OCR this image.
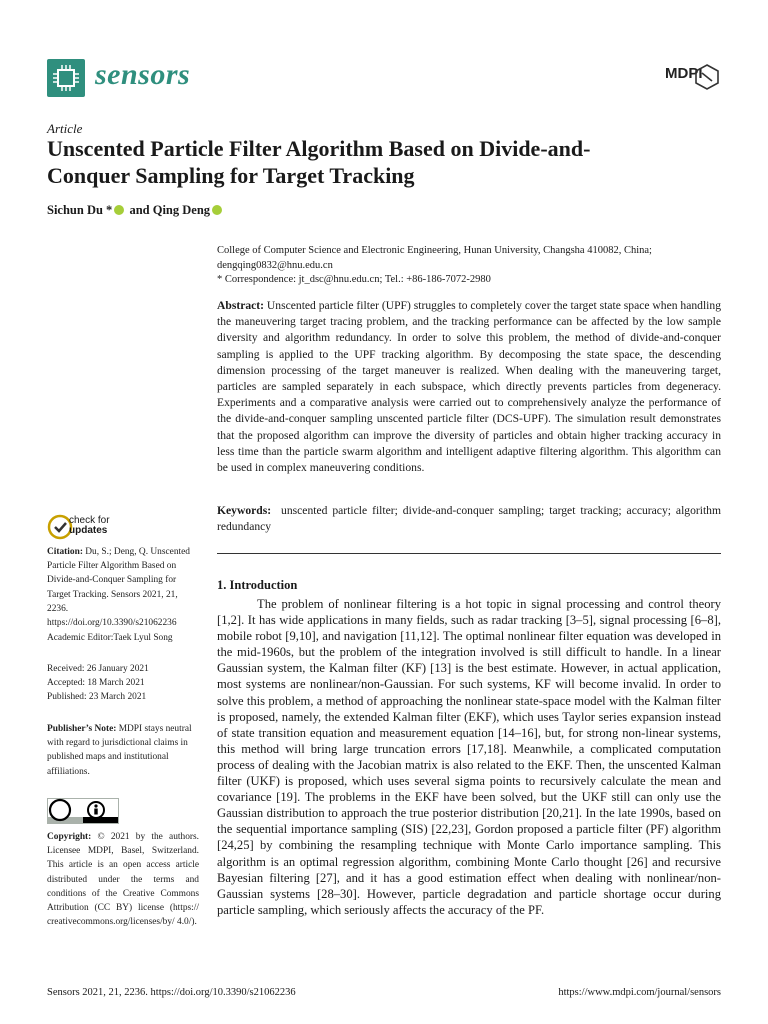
sensors	MDPI
Article
Unscented Particle Filter Algorithm Based on Divide-and-Conquer Sampling for Target Tracking
Sichun Du * and Qing Deng
College of Computer Science and Electronic Engineering, Hunan University, Changsha 410082, China;
dengqing0832@hnu.edu.cn
* Correspondence: jt_dsc@hnu.edu.cn; Tel.: +86-186-7072-2980
Abstract: Unscented particle filter (UPF) struggles to completely cover the target state space when handling the maneuvering target tracing problem, and the tracking performance can be affected by the low sample diversity and algorithm redundancy. In order to solve this problem, the method of divide-and-conquer sampling is applied to the UPF tracking algorithm. By decomposing the state space, the descending dimension processing of the target maneuver is realized. When dealing with the maneuvering target, particles are sampled separately in each subspace, which directly prevents particles from degeneracy. Experiments and a comparative analysis were carried out to comprehensively analyze the performance of the divide-and-conquer sampling unscented particle filter (DCS-UPF). The simulation result demonstrates that the proposed algorithm can improve the diversity of particles and obtain higher tracking accuracy in less time than the particle swarm algorithm and intelligent adaptive filtering algorithm. This algorithm can be used in complex maneuvering conditions.
Keywords: unscented particle filter; divide-and-conquer sampling; target tracking; accuracy; algorithm redundancy
check for
updates
Citation: Du, S.; Deng, Q. Unscented Particle Filter Algorithm Based on Divide-and-Conquer Sampling for Target Tracking. Sensors 2021, 21, 2236. https://doi.org/10.3390/s21062236
Academic Editor:Taek Lyul Song
Received: 26 January 2021
Accepted: 18 March 2021
Published: 23 March 2021
Publisher’s Note: MDPI stays neutral with regard to jurisdictional claims in published maps and institutional affiliations.
Copyright: © 2021 by the authors. Licensee MDPI, Basel, Switzerland. This article is an open access article distributed under the terms and conditions of the Creative Commons Attribution (CC BY) license (https:// creativecommons.org/licenses/by/ 4.0/).
1. Introduction
The problem of nonlinear filtering is a hot topic in signal processing and control theory [1,2]. It has wide applications in many fields, such as radar tracking [3–5], signal processing [6–8], mobile robot [9,10], and navigation [11,12]. The optimal nonlinear filter equation was developed in the mid-1960s, but the problem of the integration involved is still difficult to handle. In a linear Gaussian system, the Kalman filter (KF) [13] is the best estimate. However, in actual application, most systems are nonlinear/non-Gaussian. For such systems, KF will become invalid. In order to solve this problem, a method of approaching the nonlinear state-space model with the Kalman filter is proposed, namely, the extended Kalman filter (EKF), which uses Taylor series expansion instead of state transition equation and measurement equation [14–16], but, for strong non-linear systems, this method will bring large truncation errors [17,18]. Meanwhile, a complicated computation process of dealing with the Jacobian matrix is also related to the EKF. Then, the unscented Kalman filter (UKF) is proposed, which uses several sigma points to recursively calculate the mean and covariance [19]. The problems in the EKF have been solved, but the UKF still can only use the Gaussian distribution to approach the true posterior distribution [20,21]. In the late 1990s, based on the sequential importance sampling (SIS) [22,23], Gordon proposed a particle filter (PF) algorithm [24,25] by combining the resampling technique with Monte Carlo importance sampling. This algorithm is an optimal regression algorithm, combining Monte Carlo thought [26] and recursive Bayesian filtering [27], and it has a good estimation effect when dealing with nonlinear/non-Gaussian systems [28–30]. However, particle degradation and particle shortage occur during particle sampling, which seriously affects the accuracy of the PF.
Sensors 2021, 21, 2236. https://doi.org/10.3390/s21062236	https://www.mdpi.com/journal/sensors
